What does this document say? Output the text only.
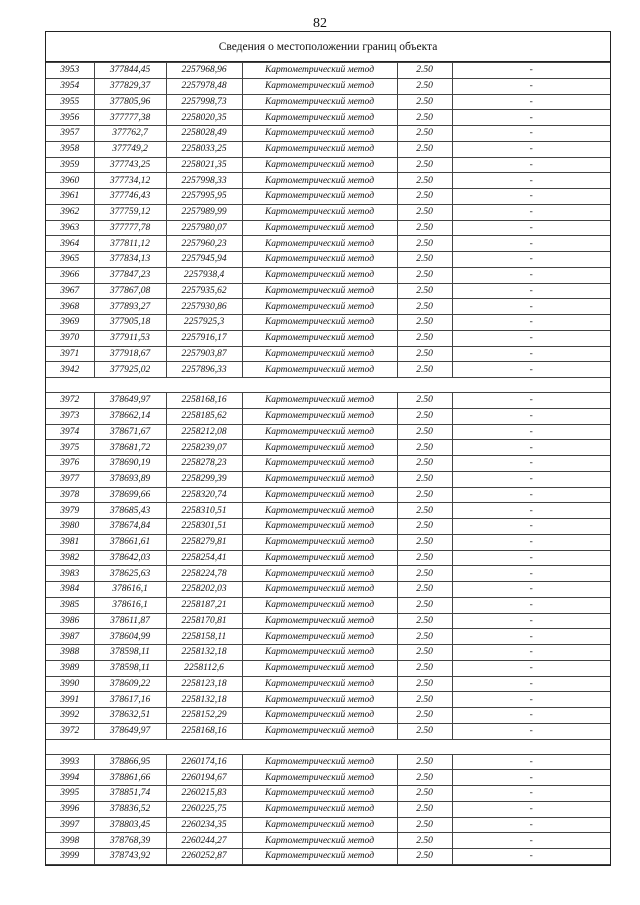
82
Сведения о местоположении границ объекта
3953	377844,45	2257968,96	Картометрический метод	2.50	-
3954	377829,37	2257978,48	Картометрический метод	2.50	-
3955	377805,96	2257998,73	Картометрический метод	2.50	-
3956	377777,38	2258020,35	Картометрический метод	2.50	-
3957	377762,7	2258028,49	Картометрический метод	2.50	-
3958	377749,2	2258033,25	Картометрический метод	2.50	-
3959	377743,25	2258021,35	Картометрический метод	2.50	-
3960	377734,12	2257998,33	Картометрический метод	2.50	-
3961	377746,43	2257995,95	Картометрический метод	2.50	-
3962	377759,12	2257989,99	Картометрический метод	2.50	-
3963	377777,78	2257980,07	Картометрический метод	2.50	-
3964	377811,12	2257960,23	Картометрический метод	2.50	-
3965	377834,13	2257945,94	Картометрический метод	2.50	-
3966	377847,23	2257938,4	Картометрический метод	2.50	-
3967	377867,08	2257935,62	Картометрический метод	2.50	-
3968	377893,27	2257930,86	Картометрический метод	2.50	-
3969	377905,18	2257925,3	Картометрический метод	2.50	-
3970	377911,53	2257916,17	Картометрический метод	2.50	-
3971	377918,67	2257903,87	Картометрический метод	2.50	-
3942	377925,02	2257896,33	Картометрический метод	2.50	-

3972	378649,97	2258168,16	Картометрический метод	2.50	-
3973	378662,14	2258185,62	Картометрический метод	2.50	-
3974	378671,67	2258212,08	Картометрический метод	2.50	-
3975	378681,72	2258239,07	Картометрический метод	2.50	-
3976	378690,19	2258278,23	Картометрический метод	2.50	-
3977	378693,89	2258299,39	Картометрический метод	2.50	-
3978	378699,66	2258320,74	Картометрический метод	2.50	-
3979	378685,43	2258310,51	Картометрический метод	2.50	-
3980	378674,84	2258301,51	Картометрический метод	2.50	-
3981	378661,61	2258279,81	Картометрический метод	2.50	-
3982	378642,03	2258254,41	Картометрический метод	2.50	-
3983	378625,63	2258224,78	Картометрический метод	2.50	-
3984	378616,1	2258202,03	Картометрический метод	2.50	-
3985	378616,1	2258187,21	Картометрический метод	2.50	-
3986	378611,87	2258170,81	Картометрический метод	2.50	-
3987	378604,99	2258158,11	Картометрический метод	2.50	-
3988	378598,11	2258132,18	Картометрический метод	2.50	-
3989	378598,11	2258112,6	Картометрический метод	2.50	-
3990	378609,22	2258123,18	Картометрический метод	2.50	-
3991	378617,16	2258132,18	Картометрический метод	2.50	-
3992	378632,51	2258152,29	Картометрический метод	2.50	-
3972	378649,97	2258168,16	Картометрический метод	2.50	-

3993	378866,95	2260174,16	Картометрический метод	2.50	-
3994	378861,66	2260194,67	Картометрический метод	2.50	-
3995	378851,74	2260215,83	Картометрический метод	2.50	-
3996	378836,52	2260225,75	Картометрический метод	2.50	-
3997	378803,45	2260234,35	Картометрический метод	2.50	-
3998	378768,39	2260244,27	Картометрический метод	2.50	-
3999	378743,92	2260252,87	Картометрический метод	2.50	-
